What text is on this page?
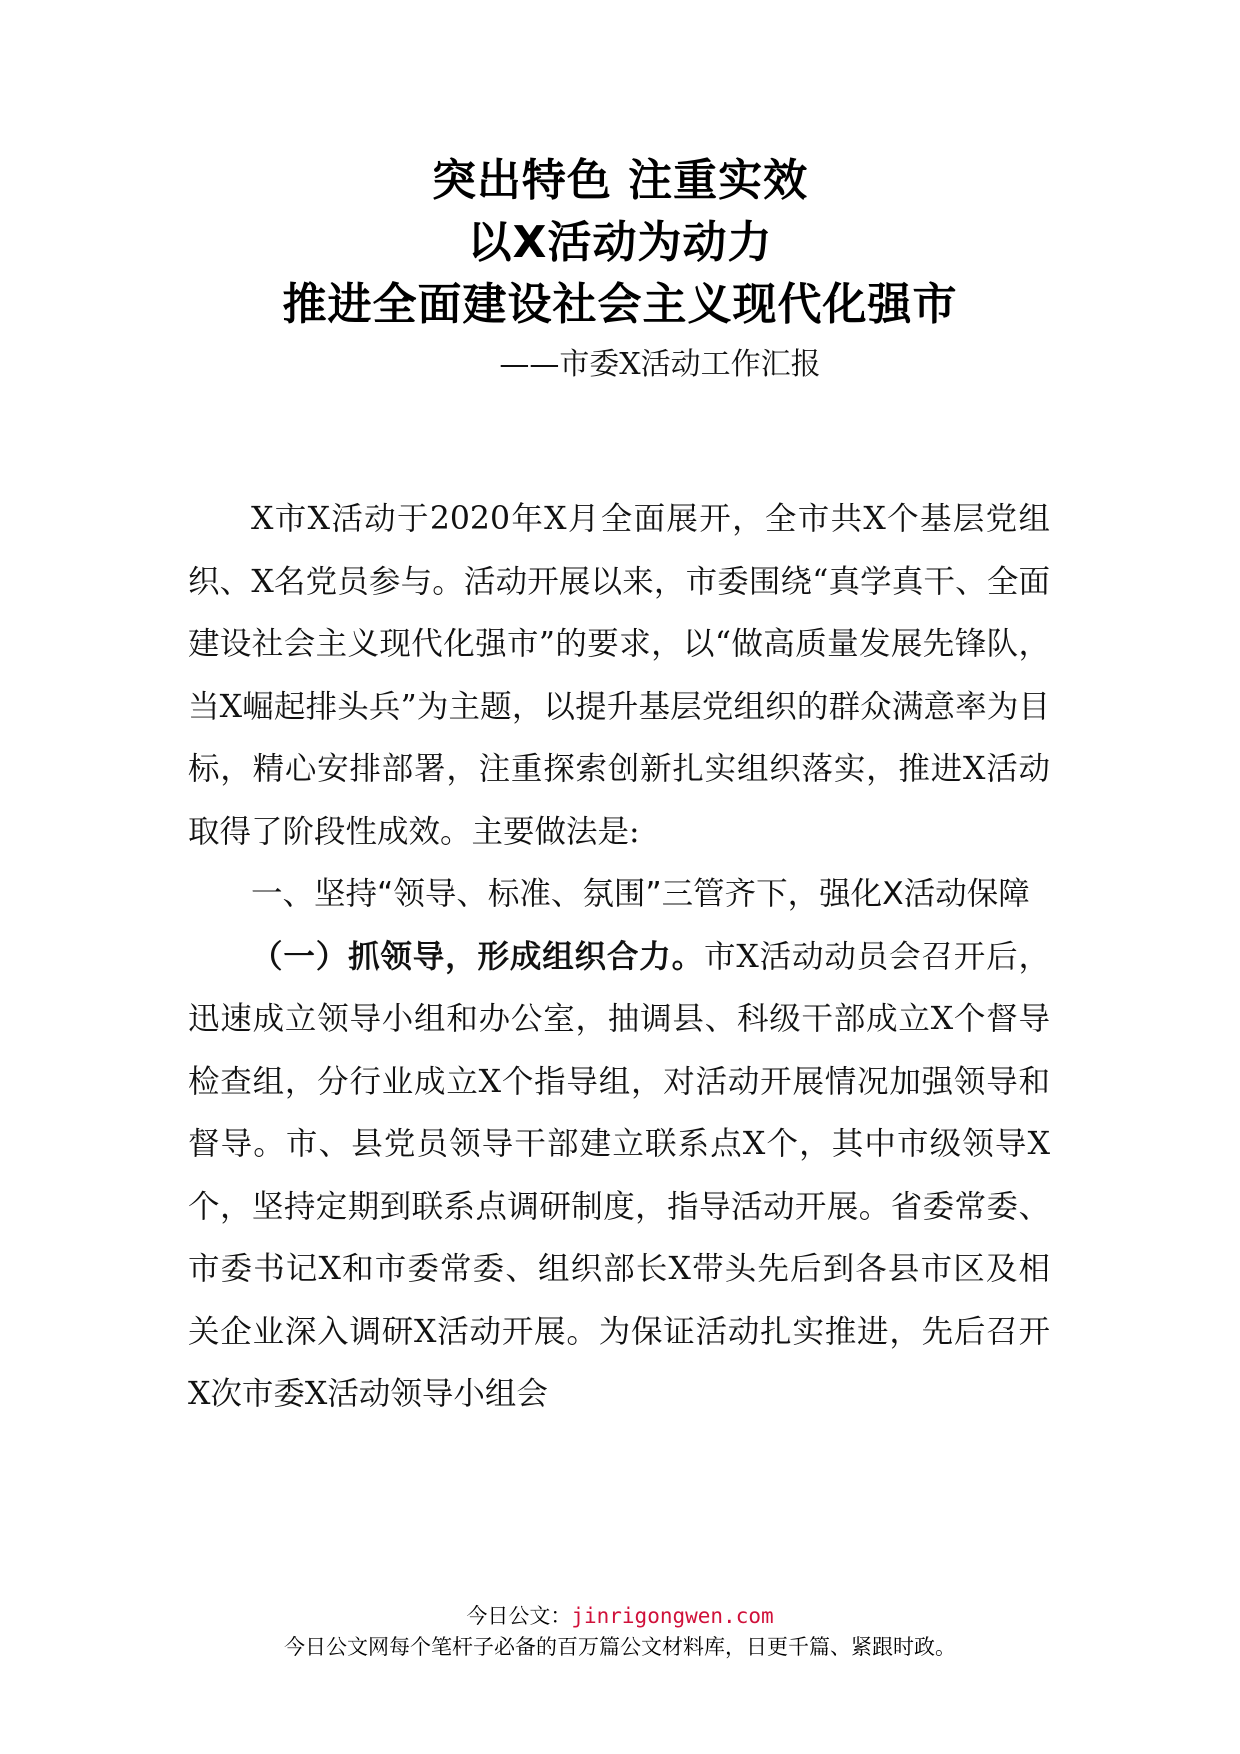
突出特色 注重实效
以X活动为动力
推进全面建设社会主义现代化强市
——市委X活动工作汇报

X市X活动于2020年X月全面展开，全市共X个基层党组织、X名党员参与。活动开展以来，市委围绕“真学真干、全面建设社会主义现代化强市”的要求，以“做高质量发展先锋队，当X崛起排头兵”为主题，以提升基层党组织的群众满意率为目标，精心安排部署，注重探索创新扎实组织落实，推进X活动取得了阶段性成效。主要做法是:

一、坚持“领导、标准、氛围”三管齐下，强化X活动保障

（一）抓领导，形成组织合力。市X活动动员会召开后，迅速成立领导小组和办公室，抽调县、科级干部成立X个督导检查组，分行业成立X个指导组，对活动开展情况加强领导和督导。市、县党员领导干部建立联系点X个，其中市级领导X个，坚持定期到联系点调研制度，指导活动开展。省委常委、市委书记X和市委常委、组织部长X带头先后到各县市区及相关企业深入调研X活动开展。为保证活动扎实推进，先后召开X次市委X活动领导小组会

今日公文：jinrigongwen.com
今日公文网每个笔杆子必备的百万篇公文材料库，日更千篇、紧跟时政。
